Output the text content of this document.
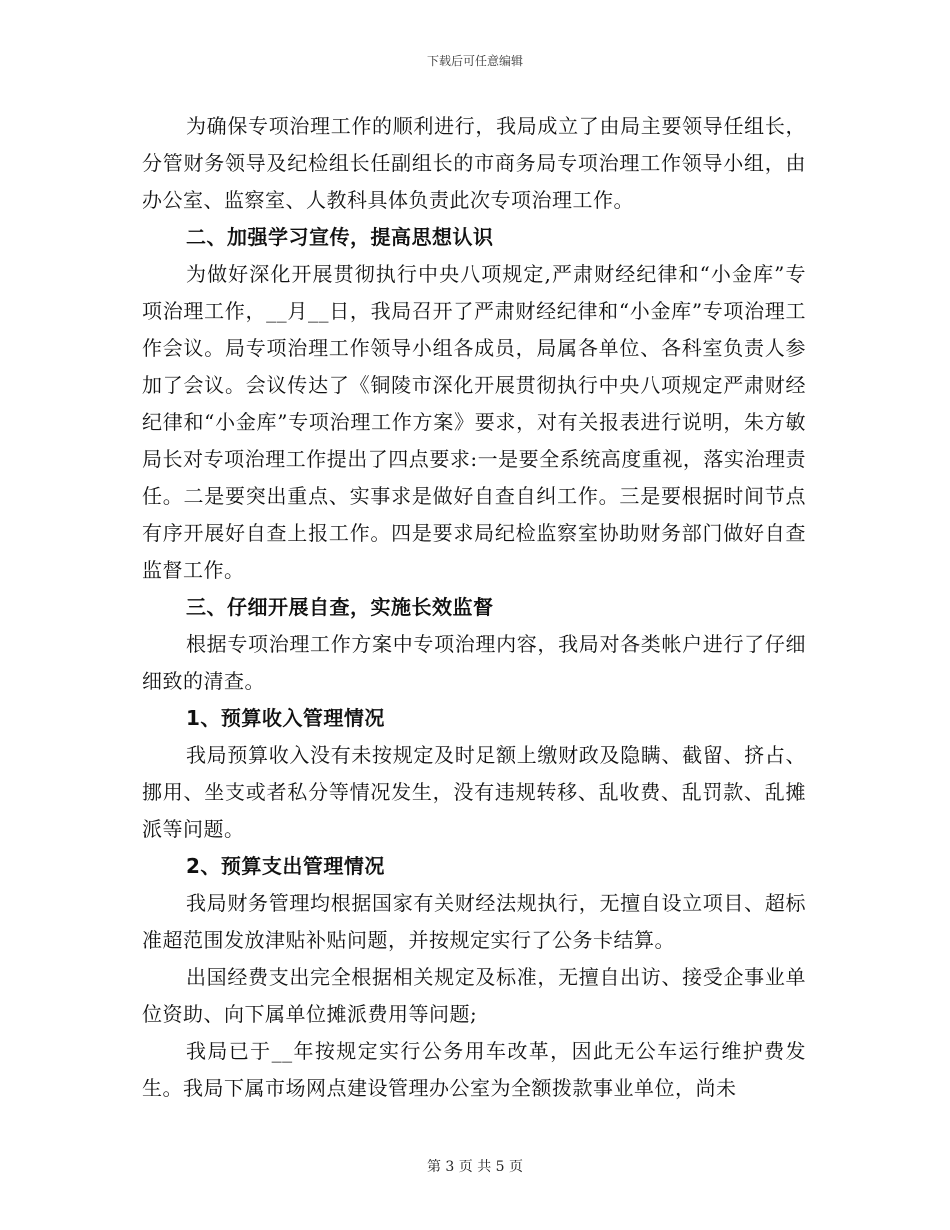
下载后可任意编辑

为确保专项治理工作的顺利进行，我局成立了由局主要领导任组长，分管财务领导及纪检组长任副组长的市商务局专项治理工作领导小组，由办公室、监察室、人教科具体负责此次专项治理工作。

二、加强学习宣传，提高思想认识

为做好深化开展贯彻执行中央八项规定,严肃财经纪律和“小金库”专项治理工作，__月__日，我局召开了严肃财经纪律和“小金库”专项治理工作会议。局专项治理工作领导小组各成员，局属各单位、各科室负责人参加了会议。会议传达了《铜陵市深化开展贯彻执行中央八项规定严肃财经纪律和“小金库”专项治理工作方案》要求，对有关报表进行说明，朱方敏局长对专项治理工作提出了四点要求:一是要全系统高度重视，落实治理责任。二是要突出重点、实事求是做好自查自纠工作。三是要根据时间节点有序开展好自查上报工作。四是要求局纪检监察室协助财务部门做好自查监督工作。

三、仔细开展自查，实施长效监督

根据专项治理工作方案中专项治理内容，我局对各类帐户进行了仔细细致的清查。

1、预算收入管理情况

我局预算收入没有未按规定及时足额上缴财政及隐瞒、截留、挤占、挪用、坐支或者私分等情况发生，没有违规转移、乱收费、乱罚款、乱摊派等问题。

2、预算支出管理情况

我局财务管理均根据国家有关财经法规执行，无擅自设立项目、超标准超范围发放津贴补贴问题，并按规定实行了公务卡结算。

出国经费支出完全根据相关规定及标准，无擅自出访、接受企事业单位资助、向下属单位摊派费用等问题;

我局已于__年按规定实行公务用车改革，因此无公车运行维护费发生。我局下属市场网点建设管理办公室为全额拨款事业单位，尚未

第 3 页 共 5 页
